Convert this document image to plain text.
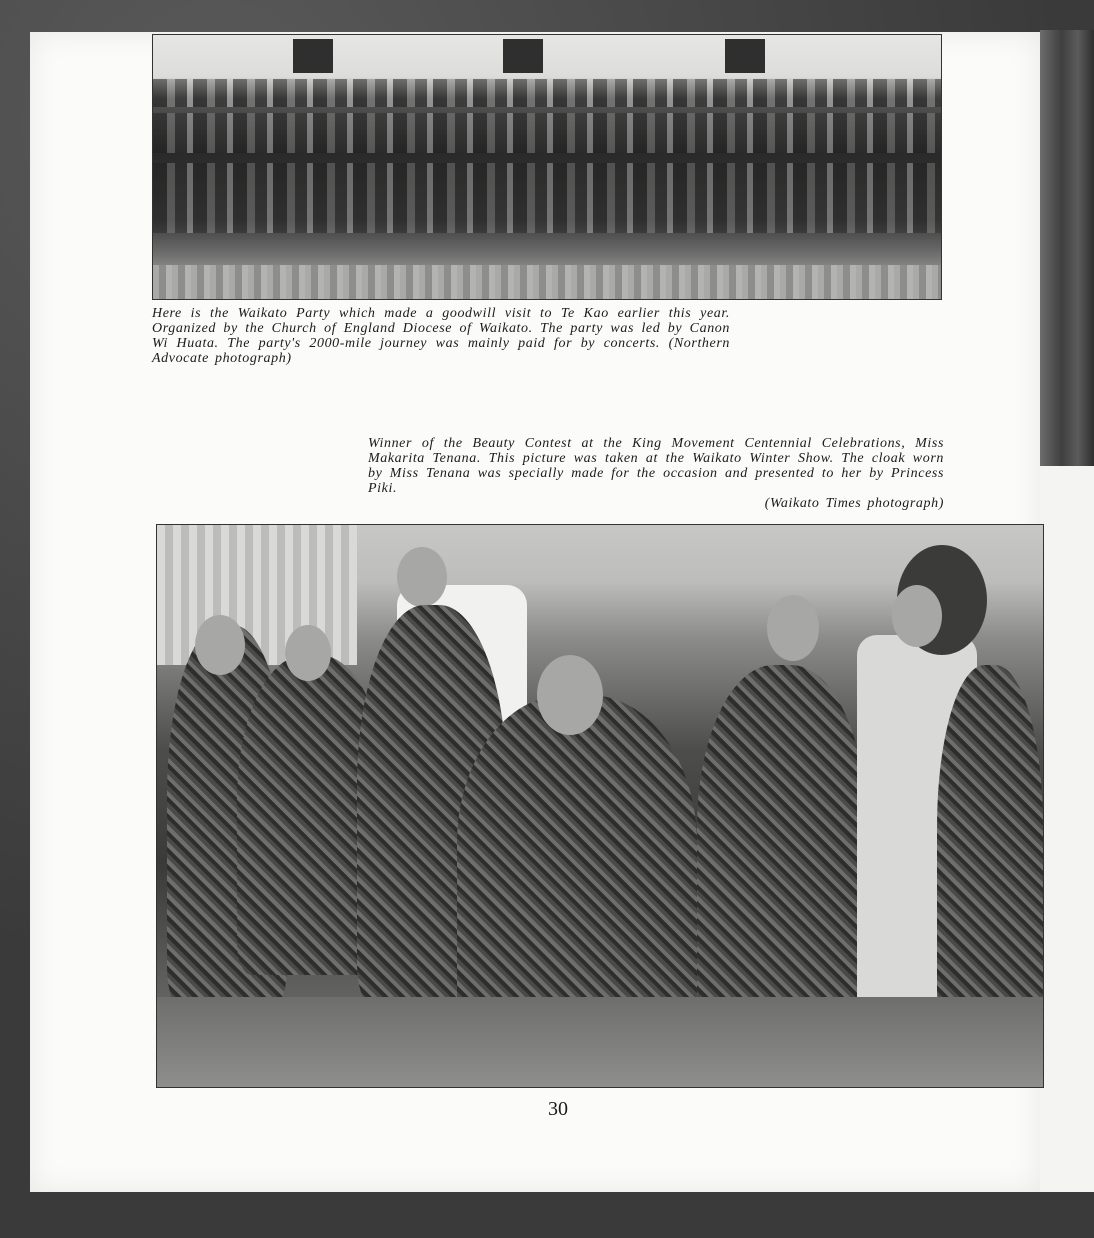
Here is the Waikato Party which made a goodwill visit to Te Kao earlier this year. Organized by the Church of England Diocese of Waikato. The party was led by Canon Wi Huata. The party's 2000-mile journey was mainly paid for by concerts. (Northern Advocate photograph)
Winner of the Beauty Contest at the King Movement Centennial Celebrations, Miss Makarita Tenana. This picture was taken at the Waikato Winter Show. The cloak worn by Miss Tenana was specially made for the occasion and presented to her by Princess Piki.
(Waikato Times photograph)
30
